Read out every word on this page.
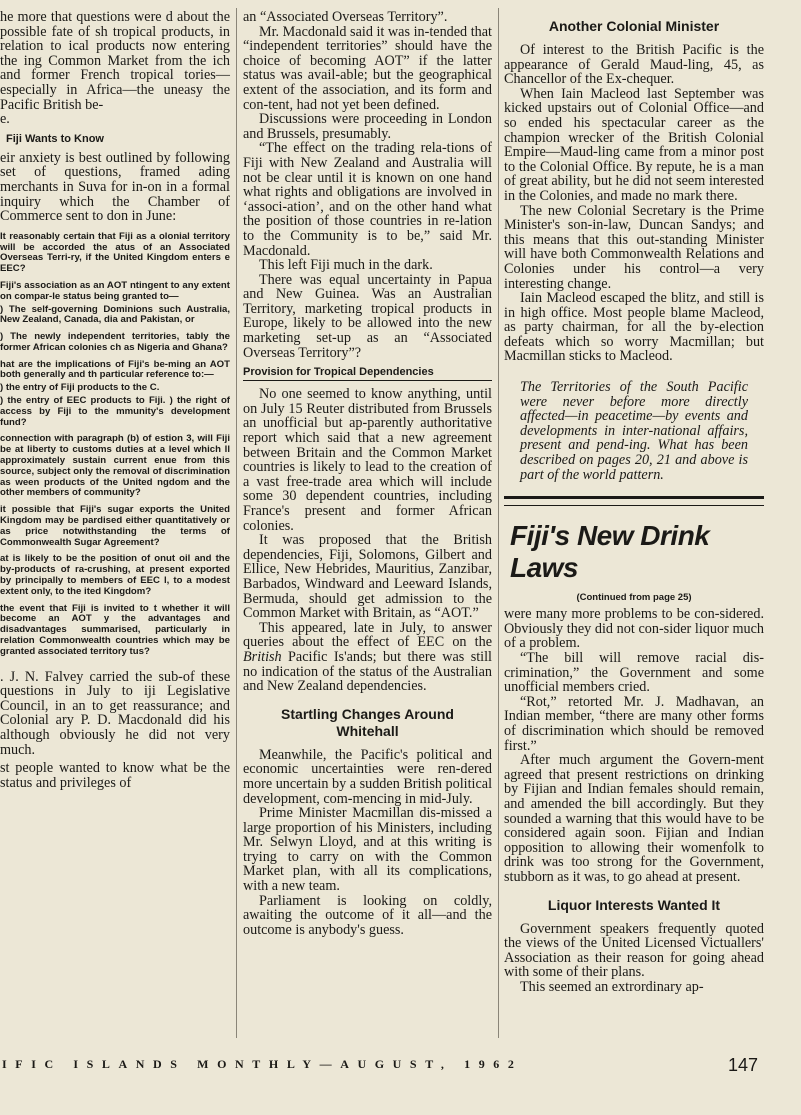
he more that questions were d about the possible fate of sh tropical products, in relation to ical products now entering the ing Common Market from the ich and former French tropical tories—especially in Africa—the uneasy the Pacific British be-

e.

Fiji Wants to Know

eir anxiety is best outlined by following set of questions, framed ading merchants in Suva for in-on in a formal inquiry which the Chamber of Commerce sent to don in June:

It reasonably certain that Fiji as a olonial territory will be accorded the atus of an Associated Overseas Terri-ry, if the United Kingdom enters e EEC?
Fiji's association as an AOT ntingent to any extent on compar-le status being granted to—
) The self-governing Dominions such Australia, New Zealand, Canada, dia and Pakistan, or
) The newly independent territories, tably the former African colonies ch as Nigeria and Ghana?
hat are the implications of Fiji's be-ming an AOT both generally and th particular reference to:—
) the entry of Fiji products to the C.
) the entry of EEC products to Fiji. ) the right of access by Fiji to the mmunity's development fund?
connection with paragraph (b) of estion 3, will Fiji be at liberty to customs duties at a level which ll approximately sustain current enue from this source, subject only the removal of discrimination as ween products of the United ngdom and the other members of community?
it possible that Fiji's sugar exports the United Kingdom may be pardised either quantitatively or as price notwithstanding the terms of Commonwealth Sugar Agreement?
at is likely to be the position of onut oil and the by-products of ra-crushing, at present exported by principally to members of EEC l, to a modest extent only, to the ited Kingdom?
the event that Fiji is invited to t whether it will become an AOT y the advantages and disadvantages summarised, particularly in relation Commonwealth countries which may be granted associated territory tus?

. J. N. Falvey carried the sub-of these questions in July to iji Legislative Council, in an to get reassurance; and Colonial ary P. D. Macdonald did his although obviously he did not very much.

st people wanted to know what be the status and privileges of

an “Associated Overseas Territory”.

Mr. Macdonald said it was in-tended that “independent territories” should have the choice of becoming AOT” if the latter status was avail-able; but the geographical extent of the association, and its form and con-tent, had not yet been defined.

Discussions were proceeding in London and Brussels, presumably.

“The effect on the trading rela-tions of Fiji with New Zealand and Australia will not be clear until it is known on one hand what rights and obligations are involved in ‘associ-ation’, and on the other hand what the position of those countries in re-lation to the Community is to be,” said Mr. Macdonald.

This left Fiji much in the dark.

There was equal uncertainty in Papua and New Guinea. Was an Australian Territory, marketing tropical products in Europe, likely to be allowed into the new marketing set-up as an “Associated Overseas Territory”?

Provision for Tropical Dependencies

No one seemed to know anything, until on July 15 Reuter distributed from Brussels an unofficial but ap-parently authoritative report which said that a new agreement between Britain and the Common Market countries is likely to lead to the creation of a vast free-trade area which will include some 30 dependent countries, including France's present and former African colonies.

It was proposed that the British dependencies, Fiji, Solomons, Gilbert and Ellice, New Hebrides, Mauritius, Zanzibar, Barbados, Windward and Leeward Islands, Bermuda, should get admission to the Common Market with Britain, as “AOT.”

This appeared, late in July, to answer queries about the effect of EEC on the British Pacific Is'ands; but there was still no indication of the status of the Australian and New Zealand dependencies.

Startling Changes Around Whitehall

Meanwhile, the Pacific's political and economic uncertainties were ren-dered more uncertain by a sudden British political development, com-mencing in mid-July.

Prime Minister Macmillan dis-missed a large proportion of his Ministers, including Mr. Selwyn Lloyd, and at this writing is trying to carry on with the Common Market plan, with all its complications, with a new team.

Parliament is looking on coldly, awaiting the outcome of it all—and the outcome is anybody's guess.

Another Colonial Minister

Of interest to the British Pacific is the appearance of Gerald Maud-ling, 45, as Chancellor of the Ex-chequer.

When Iain Macleod last September was kicked upstairs out of Colonial Office—and so ended his spectacular career as the champion wrecker of the British Colonial Empire—Maud-ling came from a minor post to the Colonial Office. By repute, he is a man of great ability, but he did not seem interested in the Colonies, and made no mark there.

The new Colonial Secretary is the Prime Minister's son-in-law, Duncan Sandys; and this means that this out-standing Minister will have both Commonwealth Relations and Colonies under his control—a very interesting change.

Iain Macleod escaped the blitz, and still is in high office. Most people blame Macleod, as party chairman, for all the by-election defeats which so worry Macmillan; but Macmillan sticks to Macleod.

The Territories of the South Pacific were never before more directly affected—in peacetime—by events and developments in inter-national affairs, present and pend-ing. What has been described on pages 20, 21 and above is part of the world pattern.
Fiji's New Drink Laws
(Continued from page 25)

were many more problems to be con-sidered. Obviously they did not con-sider liquor much of a problem.

“The bill will remove racial dis-crimination,” the Government and some unofficial members cried.

“Rot,” retorted Mr. J. Madhavan, an Indian member, “there are many other forms of discrimination which should be removed first.”

After much argument the Govern-ment agreed that present restrictions on drinking by Fijian and Indian females should remain, and amended the bill accordingly. But they sounded a warning that this would have to be considered again soon. Fijian and Indian opposition to allowing their womenfolk to drink was too strong for the Government, stubborn as it was, to go ahead at present.

Liquor Interests Wanted It

Government speakers frequently quoted the views of the United Licensed Victuallers' Association as their reason for going ahead with some of their plans.

This seemed an extrordinary ap-

IFIC ISLANDS MONTHLY—AUGUST, 1962	147
